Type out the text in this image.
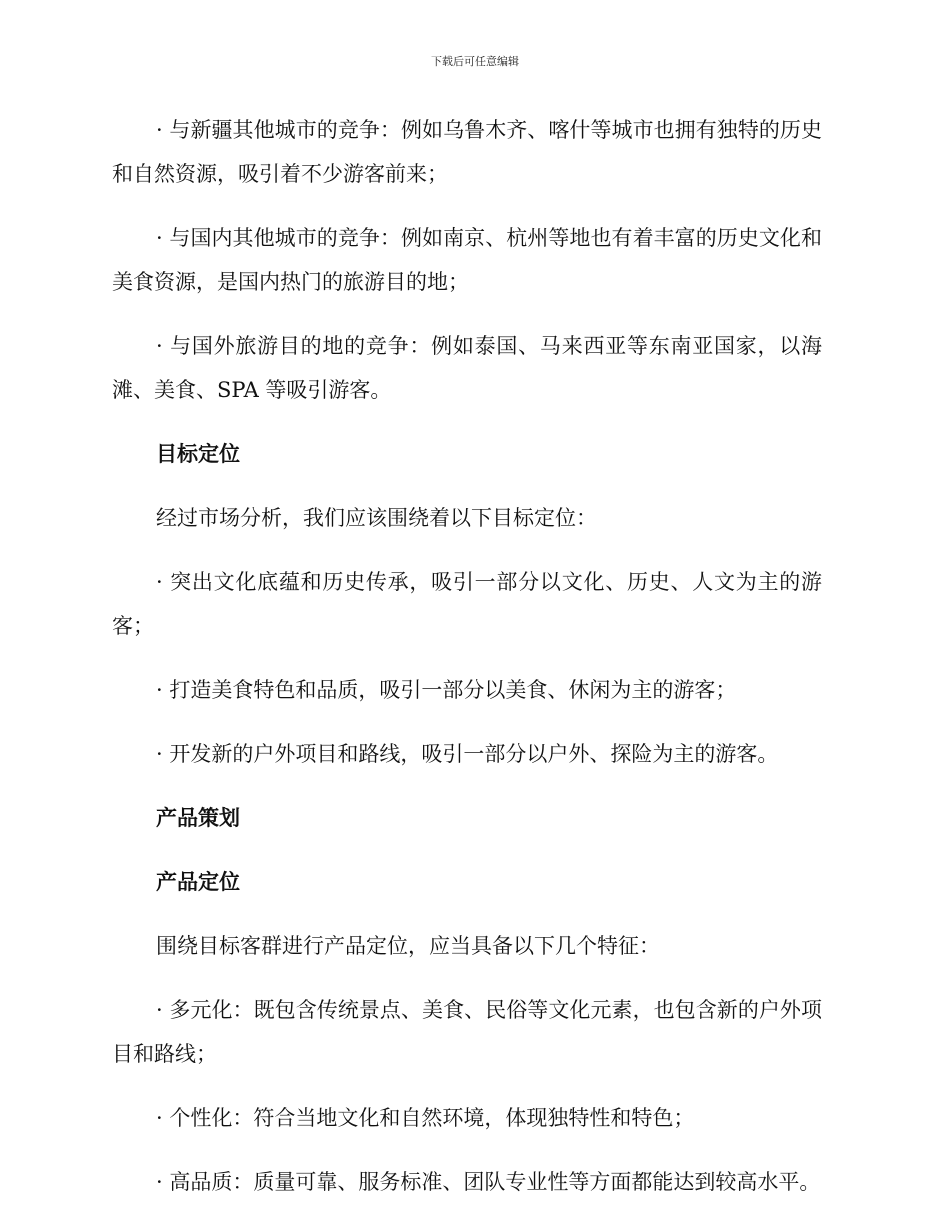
下载后可任意编辑

· 与新疆其他城市的竞争：例如乌鲁木齐、喀什等城市也拥有独特的历史和自然资源，吸引着不少游客前来；

· 与国内其他城市的竞争：例如南京、杭州等地也有着丰富的历史文化和美食资源，是国内热门的旅游目的地；

· 与国外旅游目的地的竞争：例如泰国、马来西亚等东南亚国家，以海滩、美食、SPA 等吸引游客。

目标定位

经过市场分析，我们应该围绕着以下目标定位：

· 突出文化底蕴和历史传承，吸引一部分以文化、历史、人文为主的游客；

· 打造美食特色和品质，吸引一部分以美食、休闲为主的游客；

· 开发新的户外项目和路线，吸引一部分以户外、探险为主的游客。

产品策划

产品定位

围绕目标客群进行产品定位，应当具备以下几个特征：

· 多元化：既包含传统景点、美食、民俗等文化元素，也包含新的户外项目和路线；

· 个性化：符合当地文化和自然环境，体现独特性和特色；

· 高品质：质量可靠、服务标准、团队专业性等方面都能达到较高水平。
